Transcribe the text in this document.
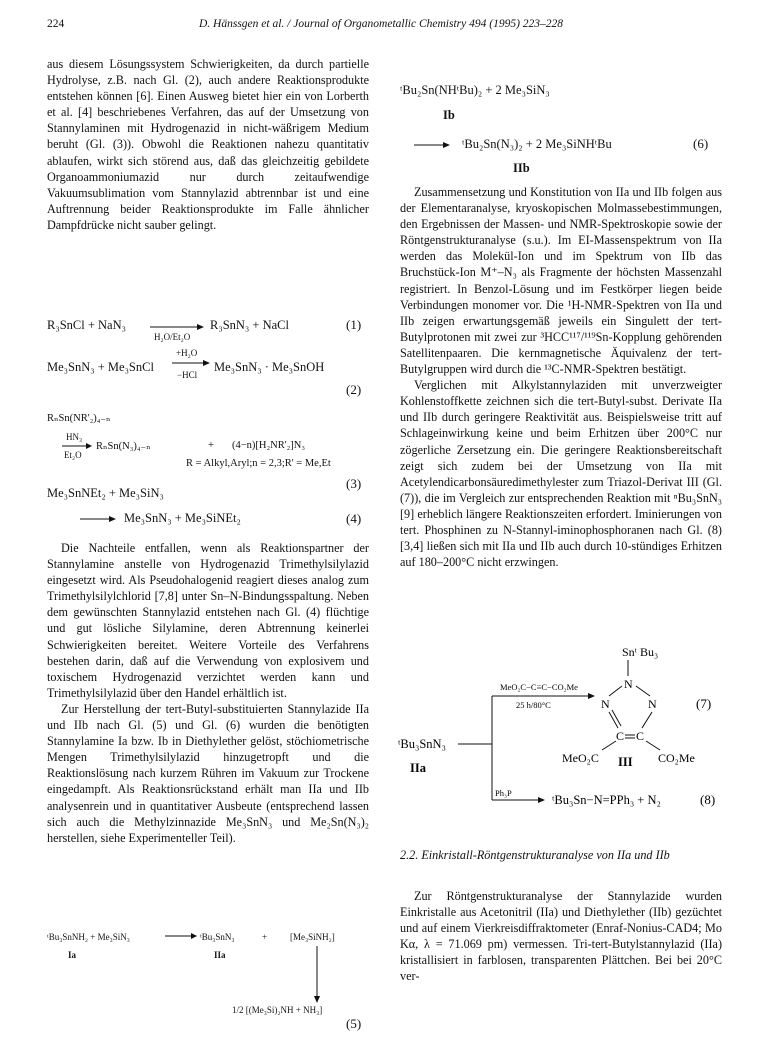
224	D. Hänssgen et al. / Journal of Organometallic Chemistry 494 (1995) 223–228

aus diesem Lösungssystem Schwierigkeiten, da durch partielle Hydrolyse, z.B. nach Gl. (2), auch andere Reaktionsprodukte entstehen können [6]. Einen Ausweg bietet hier ein von Lorberth et al. [4] beschriebenes Verfahren, das auf der Umsetzung von Stannylaminen mit Hydrogenazid in nicht-wäßrigem Medium beruht (Gl. (3)). Obwohl die Reaktionen nahezu quantitativ ablaufen, wirkt sich störend aus, daß das gleichzeitig gebildete Organoammoniumazid nur durch zeitaufwendige Vakuumsublimation vom Stannylazid abtrennbar ist und eine Auftrennung beider Reaktionsprodukte im Falle ähnlicher Dampfdrücke nicht sauber gelingt.

R₃SnCl + NaN₃ →
H₂O/Et₂O
R₃SnN₃ + NaCl	(1)
Me₃SnN₃ + Me₃SnCl
+H₂O
−HCl
Me₃SnN₃ · Me₃SnOH
(2)
RₙSn(NR'₂)₄₋ₙ
HN₃
Et₂O
RₙSn(N₃)₄₋ₙ	+ (4−n)[H₂NR'₂]N₃
R = Alkyl,Aryl;n = 2,3;R' = Me,Et
(3)
Me₃SnNEt₂ + Me₃SiN₃
→ Me₃SnN₃ + Me₃SiNEt₂	(4)

Die Nachteile entfallen, wenn als Reaktionspartner der Stannylamine anstelle von Hydrogenazid Trimethylsilylazid eingesetzt wird. Als Pseudohalogenid reagiert dieses analog zum Trimethylsilylchlorid [7,8] unter Sn–N-Bindungsspaltung. Neben dem gewünschten Stannylazid entstehen nach Gl. (4) flüchtige und gut lösliche Silylamine, deren Abtrennung keinerlei Schwierigkeiten bereitet. Weitere Vorteile des Verfahrens bestehen darin, daß auf die Verwendung von explosivem und toxischem Hydrogenazid verzichtet werden kann und Trimethylsilylazid über den Handel erhältlich ist.

Zur Herstellung der tert-Butyl-substituierten Stannylazide IIa und IIb nach Gl. (5) und Gl. (6) wurden die benötigten Stannylamine Ia bzw. Ib in Diethylether gelöst, stöchiometrische Mengen Trimethylsilylazid hinzugetropft und die Reaktionslösung nach kurzem Rühren im Vakuum zur Trockene eingedampft. Als Reaktionsrückstand erhält man IIa und IIb analysenrein und in quantitativer Ausbeute (entsprechend lassen sich auch die Methylzinnazide Me₃SnN₃ und Me₂Sn(N₃)₂ herstellen, siehe Experimenteller Teil).

ᵗBu₃SnNH₂ + Me₃SiN₃ → ᵗBu₃SnN₃	+	[Me₃SiNH₂]
Ia	IIa
1/2 [(Me₃Si)₂NH + NH₃]
(5)
ᵗBu₂Sn(NHᵗBu)₂ + 2 Me₃SiN₃
Ib
→ ᵗBu₂Sn(N₃)₂ + 2 Me₃SiNHᵗBu
IIb
(6)

Zusammensetzung und Konstitution von IIa und IIb folgen aus der Elementaranalyse, kryoskopischen Molmassebestimmungen, den Ergebnissen der Massen- und NMR-Spektroskopie sowie der Röntgenstrukturanalyse (s.u.). Im EI-Massenspektrum von IIa werden das Molekül-Ion und im Spektrum von IIb das Bruchstück-Ion M⁺–N₃ als Fragmente der höchsten Massenzahl registriert. In Benzol-Lösung und im Festkörper liegen beide Verbindungen monomer vor. Die ¹H-NMR-Spektren von IIa und IIb zeigen erwartungsgemäß jeweils ein Singulett der tert-Butylprotonen mit zwei zur ³HCC¹¹⁷/¹¹⁹Sn-Kopplung gehörenden Satellitenpaaren. Die kernmagnetische Äquivalenz der tert-Butylgruppen wird durch die ¹³C-NMR-Spektren bestätigt.

Verglichen mit Alkylstannylaziden mit unverzweigter Kohlenstoffkette zeichnen sich die tert-Butyl-subst. Derivate IIa und IIb durch geringere Reaktivität aus. Beispielsweise tritt auf Schlageinwirkung keine und beim Erhitzen über 200°C nur zögerliche Zersetzung ein. Die geringere Reaktionsbereitschaft zeigt sich zudem bei der Umsetzung von IIa mit Acetylendicarbonsäuredimethylester zum Triazol-Derivat III (Gl. (7)), die im Vergleich zur entsprechenden Reaktion mit ⁿBu₃SnN₃ [9] erheblich längere Reaktionszeiten erfordert. Iminierungen von tert. Phosphinen zu N-Stannyl-iminophosphoranen nach Gl. (8) [3,4] ließen sich mit IIa und IIb auch durch 10-stündiges Erhitzen auf 180–200°C nicht erzwingen.

ᵗBu₃SnN₃
IIa
MeO₂C−C≡C−CO₂Me
25 h/80°C
Snᵗ Bu₃
N
N	N
C C
MeO₂C	CO₂Me
III
(7)
Ph₃P	ᵗBu₃Sn−N=PPh₃ + N₂	(8)
2.2. Einkristall-Röntgenstrukturanalyse von IIa und IIb

Zur Röntgenstrukturanalyse der Stannylazide wurden Einkristalle aus Acetonitril (IIa) und Diethylether (IIb) gezüchtet und auf einem Vierkreisdiffraktometer (Enraf-Nonius-CAD4; Mo Kα, λ = 71.069 pm) vermessen. Tri-tert-Butylstannylazid (IIa) kristallisiert in farblosen, transparenten Plättchen. Bei bei 20°C ver-
